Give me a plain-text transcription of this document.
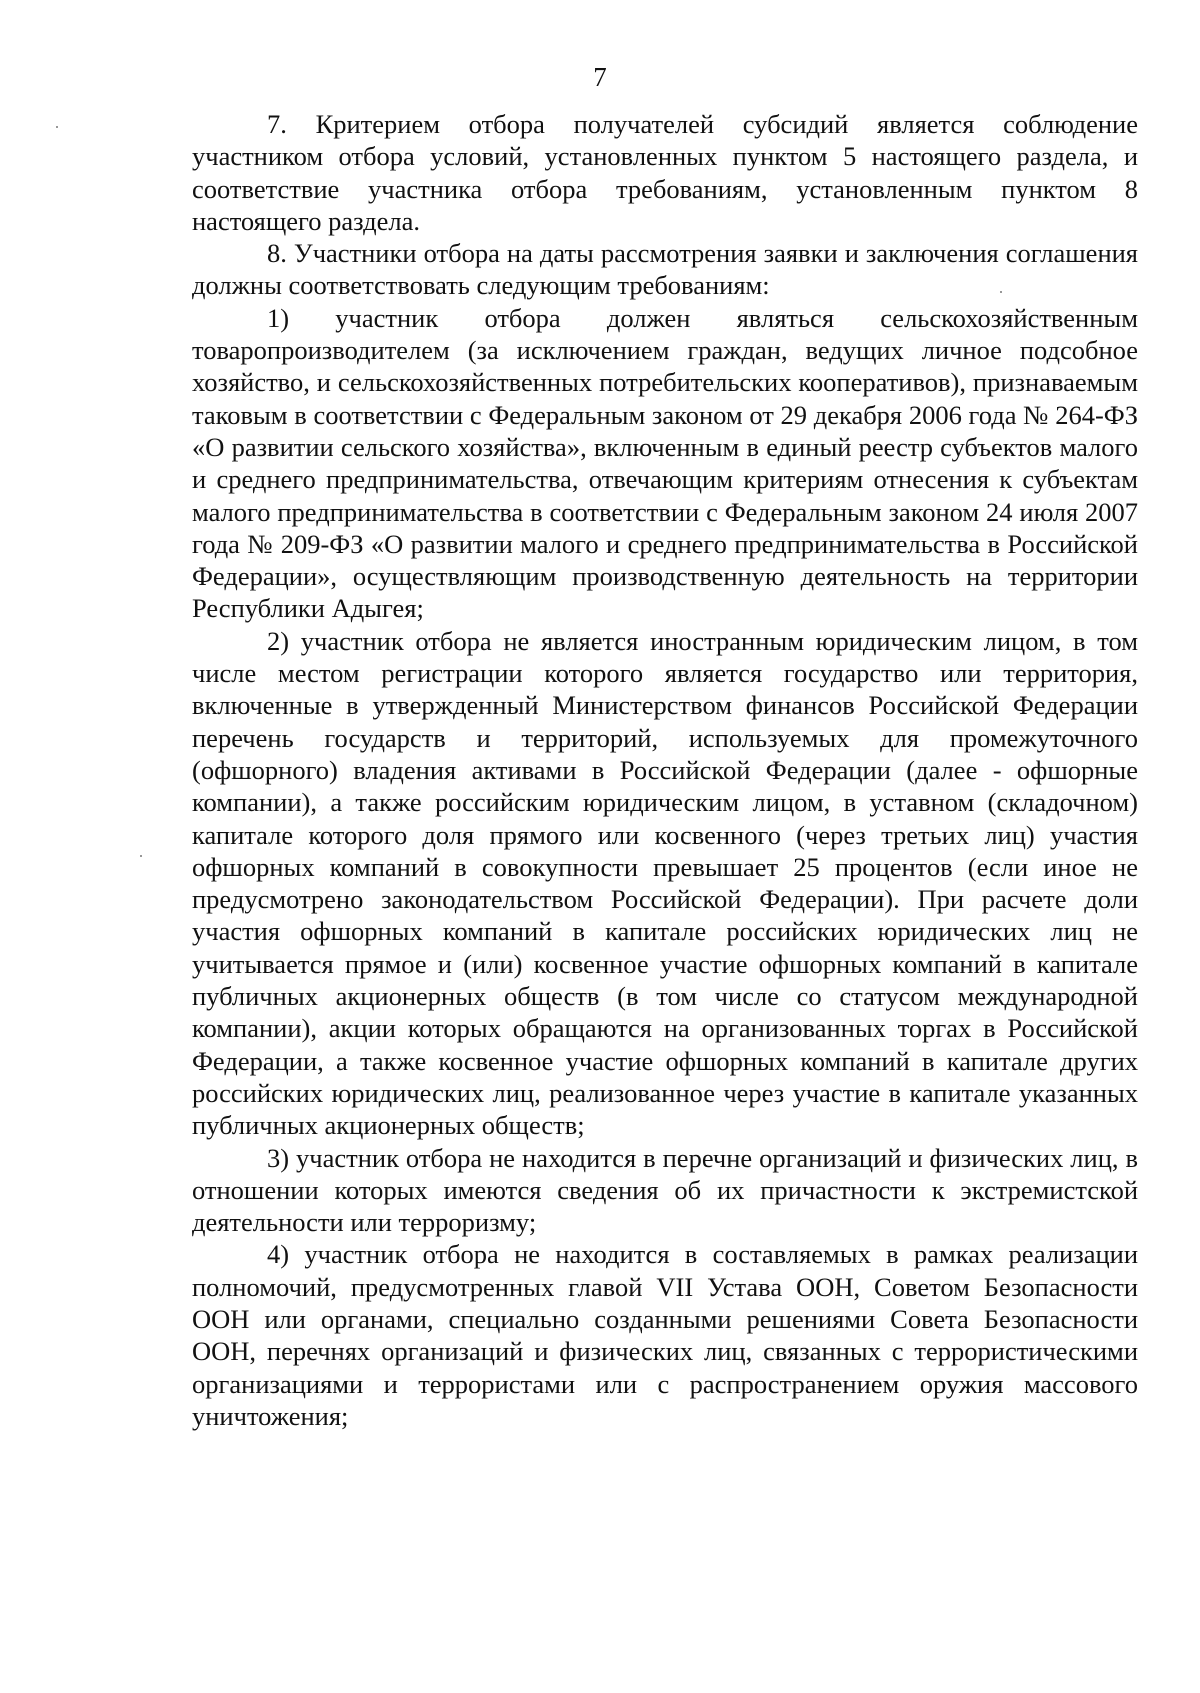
7

7. Критерием отбора получателей субсидий является соблюдение участником отбора условий, установленных пунктом 5 настоящего раздела, и соответствие участника отбора требованиям, установленным пунктом 8 настоящего раздела.

8. Участники отбора на даты рассмотрения заявки и заключения соглашения должны соответствовать следующим требованиям:

1) участник отбора должен являться сельскохозяйственным товаропроизводителем (за исключением граждан, ведущих личное подсобное хозяйство, и сельскохозяйственных потребительских кооперативов), признаваемым таковым в соответствии с Федеральным законом от 29 декабря 2006 года № 264-ФЗ «О развитии сельского хозяйства», включенным в единый реестр субъектов малого и среднего предпринимательства, отвечающим критериям отнесения к субъектам малого предпринимательства в соответствии с Федеральным законом 24 июля 2007 года № 209-ФЗ «О развитии малого и среднего предпринимательства в Российской Федерации», осуществляющим производственную деятельность на территории Республики Адыгея;

2) участник отбора не является иностранным юридическим лицом, в том числе местом регистрации которого является государство или территория, включенные в утвержденный Министерством финансов Российской Федерации перечень государств и территорий, используемых для промежуточного (офшорного) владения активами в Российской Федерации (далее - офшорные компании), а также российским юридическим лицом, в уставном (складочном) капитале которого доля прямого или косвенного (через третьих лиц) участия офшорных компаний в совокупности превышает 25 процентов (если иное не предусмотрено законодательством Российской Федерации). При расчете доли участия офшорных компаний в капитале российских юридических лиц не учитывается прямое и (или) косвенное участие офшорных компаний в капитале публичных акционерных обществ (в том числе со статусом международной компании), акции которых обращаются на организованных торгах в Российской Федерации, а также косвенное участие офшорных компаний в капитале других российских юридических лиц, реализованное через участие в капитале указанных публичных акционерных обществ;

3) участник отбора не находится в перечне организаций и физических лиц, в отношении которых имеются сведения об их причастности к экстремистской деятельности или терроризму;

4) участник отбора не находится в составляемых в рамках реализации полномочий, предусмотренных главой VII Устава ООН, Советом Безопасности ООН или органами, специально созданными решениями Совета Безопасности ООН, перечнях организаций и физических лиц, связанных с террористическими организациями и террористами или с распространением оружия массового уничтожения;
